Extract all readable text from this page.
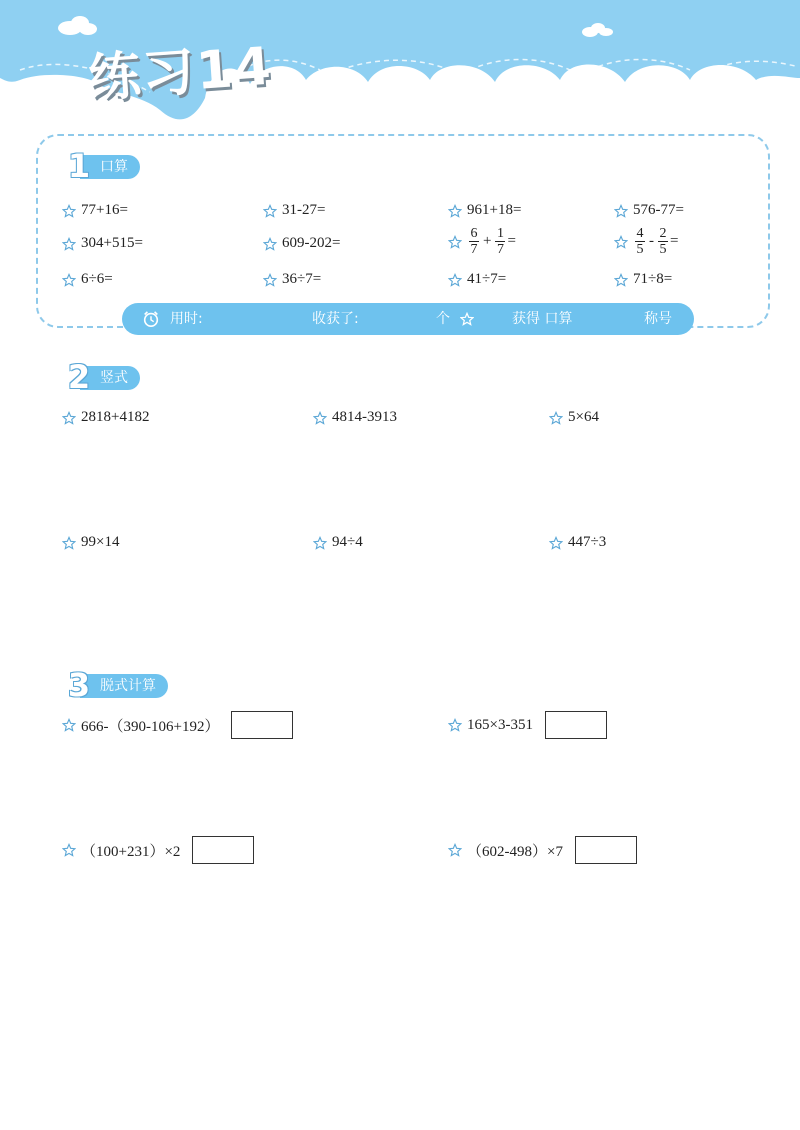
练习14
1 口算
77+16=	31-27=	961+18=	576-77=
304+515=	609-202=	$\frac{6}{7} + \frac{1}{7}$ =	$\frac{4}{5} - \frac{2}{5}$ =
6÷6=	36÷7=	41÷7=	71÷8=
用时:	收获了:	个	获得 口算	称号
2 竖式
2818+4182	4814-3913	5×64
99×14	94÷4	447÷3
3 脱式计算
666-（390-106+192）	165×3-351
（100+231）×2	（602-498）×7
